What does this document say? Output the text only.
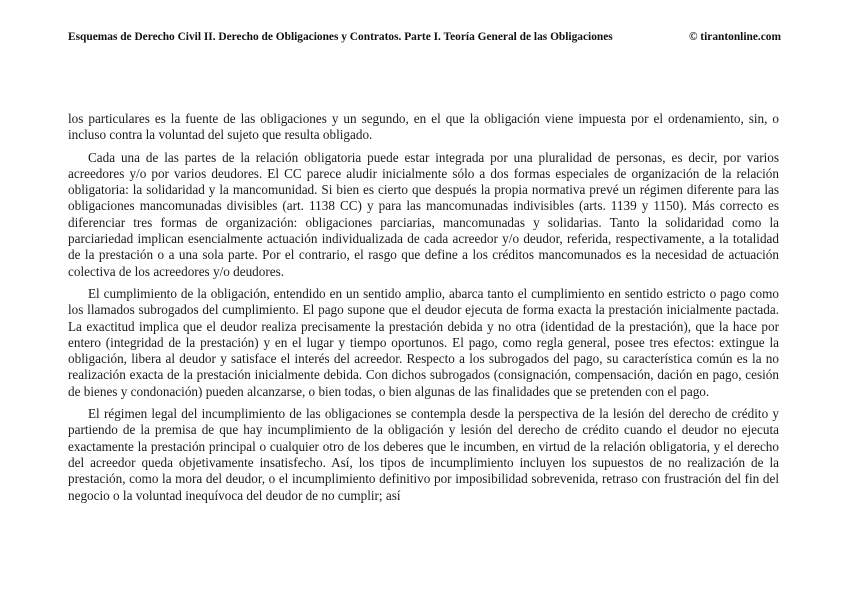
Esquemas de Derecho Civil II. Derecho de Obligaciones y Contratos. Parte I. Teoría General de las Obligaciones	© tirantonline.com

los particulares es la fuente de las obligaciones y un segundo, en el que la obligación viene impuesta por el ordenamiento, sin, o incluso contra la voluntad del sujeto que resulta obligado.

Cada una de las partes de la relación obligatoria puede estar integrada por una pluralidad de personas, es decir, por varios acreedores y/o por varios deudores. El CC parece aludir inicialmente sólo a dos formas especiales de organización de la relación obligatoria: la solidaridad y la mancomunidad. Si bien es cierto que después la propia normativa prevé un régimen diferente para las obligaciones mancomunadas divisibles (art. 1138 CC) y para las mancomunadas indivisibles (arts. 1139 y 1150). Más correcto es diferenciar tres formas de organización: obligaciones parciarias, mancomunadas y solidarias. Tanto la solidaridad como la parciariedad implican esencialmente actuación individualizada de cada acreedor y/o deudor, referida, respectivamente, a la totalidad de la prestación o a una sola parte. Por el contrario, el rasgo que define a los créditos mancomunados es la necesidad de actuación colectiva de los acreedores y/o deudores.

El cumplimiento de la obligación, entendido en un sentido amplio, abarca tanto el cumplimiento en sentido estricto o pago como los llamados subrogados del cumplimiento. El pago supone que el deudor ejecuta de forma exacta la prestación inicialmente pactada. La exactitud implica que el deudor realiza precisamente la prestación debida y no otra (identidad de la prestación), que la hace por entero (integridad de la prestación) y en el lugar y tiempo oportunos. El pago, como regla general, posee tres efectos: extingue la obligación, libera al deudor y satisface el interés del acreedor. Respecto a los subrogados del pago, su característica común es la no realización exacta de la prestación inicialmente debida. Con dichos subrogados (consignación, compensación, dación en pago, cesión de bienes y condonación) pueden alcanzarse, o bien todas, o bien algunas de las finalidades que se pretenden con el pago.

El régimen legal del incumplimiento de las obligaciones se contempla desde la perspectiva de la lesión del derecho de crédito y partiendo de la premisa de que hay incumplimiento de la obligación y lesión del derecho de crédito cuando el deudor no ejecuta exactamente la prestación principal o cualquier otro de los deberes que le incumben, en virtud de la relación obligatoria, y el derecho del acreedor queda objetivamente insatisfecho. Así, los tipos de incumplimiento incluyen los supuestos de no realización de la prestación, como la mora del deudor, o el incumplimiento definitivo por imposibilidad sobrevenida, retraso con frustración del fin del negocio o la voluntad inequívoca del deudor de no cumplir; así
